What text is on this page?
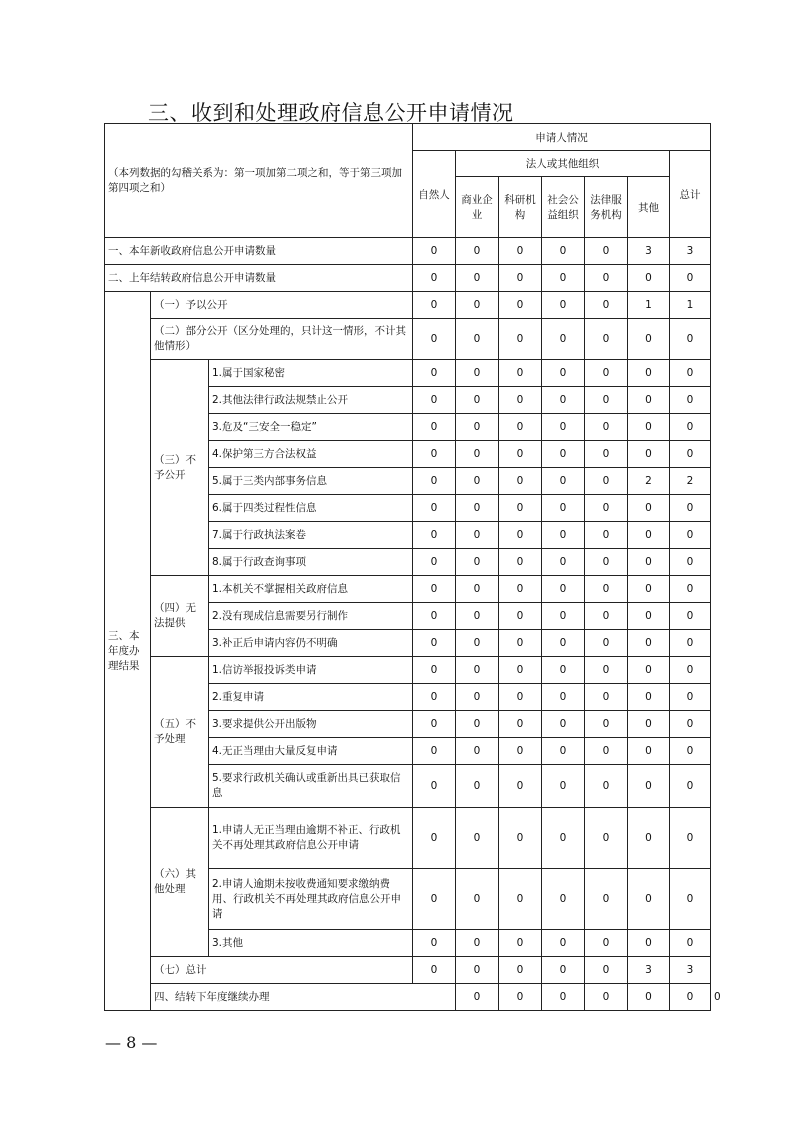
三、收到和处理政府信息公开申请情况
（本列数据的勾稽关系为：第一项加第二项之和，等于第三项加第四项之和）			申请人情况							
			自然人	法人或其他组织					总计	
				商业企业	科研机构	社会公益组织	法律服务机构	其他		
一、本年新收政府信息公开申请数量			0	0	0	0	0	3	3	
二、上年结转政府信息公开申请数量			0	0	0	0	0	0	0	
三、本年度办理结果	（一）予以公开		0	0	0	0	0	1	1	
	（二）部分公开（区分处理的，只计这一情形，不计其他情形）		0	0	0	0	0	0	0	
	（三）不予公开	1.属于国家秘密	0	0	0	0	0	0	0	
		2.其他法律行政法规禁止公开	0	0	0	0	0	0	0	
		3.危及“三安全一稳定”	0	0	0	0	0	0	0	
		4.保护第三方合法权益	0	0	0	0	0	0	0	
		5.属于三类内部事务信息	0	0	0	0	0	2	2	
		6.属于四类过程性信息	0	0	0	0	0	0	0	
		7.属于行政执法案卷	0	0	0	0	0	0	0	
		8.属于行政查询事项	0	0	0	0	0	0	0	
	（四）无法提供	1.本机关不掌握相关政府信息	0	0	0	0	0	0	0	
		2.没有现成信息需要另行制作	0	0	0	0	0	0	0	
		3.补正后申请内容仍不明确	0	0	0	0	0	0	0	
	（五）不予处理	1.信访举报投诉类申请	0	0	0	0	0	0	0	
		2.重复申请	0	0	0	0	0	0	0	
		3.要求提供公开出版物	0	0	0	0	0	0	0	
		4.无正当理由大量反复申请	0	0	0	0	0	0	0	
		5.要求行政机关确认或重新出具已获取信息	0	0	0	0	0	0	0	
	（六）其他处理	1.申请人无正当理由逾期不补正、行政机关不再处理其政府信息公开申请	0	0	0	0	0	0	0	
		2.申请人逾期未按收费通知要求缴纳费用、行政机关不再处理其政府信息公开申请	0	0	0	0	0	0	0	
		3.其他	0	0	0	0	0	0	0	
	（七）总计		0	0	0	0	0	3	3	
	四、结转下年度继续办理			0	0	0	0	0	0	0
— 8 —
